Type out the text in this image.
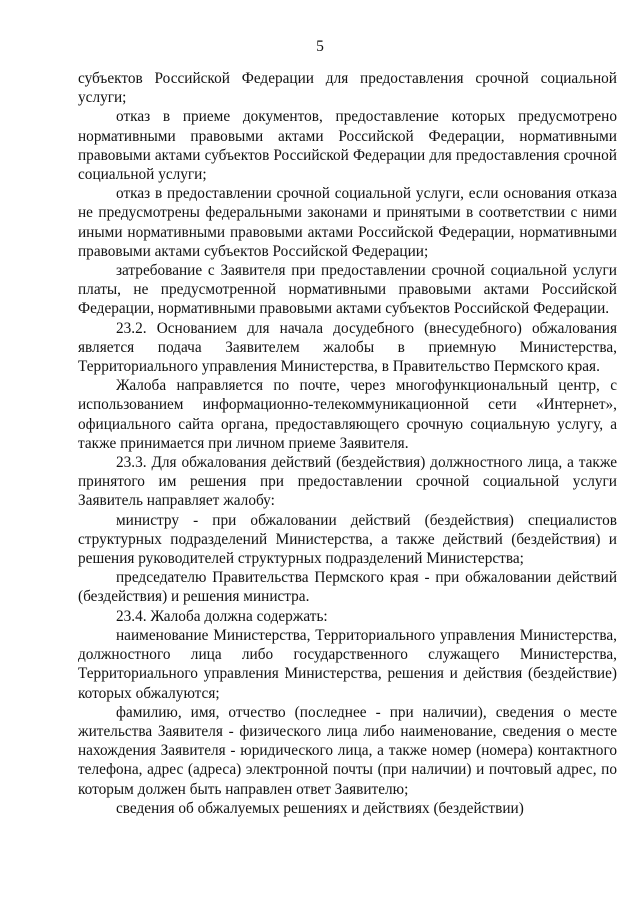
5

субъектов Российской Федерации для предоставления срочной социальной услуги;

отказ в приеме документов, предоставление которых предусмотрено нормативными правовыми актами Российской Федерации, нормативными правовыми актами субъектов Российской Федерации для предоставления срочной социальной услуги;

отказ в предоставлении срочной социальной услуги, если основания отказа не предусмотрены федеральными законами и принятыми в соответствии с ними иными нормативными правовыми актами Российской Федерации, нормативными правовыми актами субъектов Российской Федерации;

затребование с Заявителя при предоставлении срочной социальной услуги платы, не предусмотренной нормативными правовыми актами Российской Федерации, нормативными правовыми актами субъектов Российской Федерации.

23.2. Основанием для начала досудебного (внесудебного) обжалования является подача Заявителем жалобы в приемную Министерства, Территориального управления Министерства, в Правительство Пермского края.

Жалоба направляется по почте, через многофункциональный центр, с использованием информационно-телекоммуникационной сети «Интернет», официального сайта органа, предоставляющего срочную социальную услугу, а также принимается при личном приеме Заявителя.

23.3. Для обжалования действий (бездействия) должностного лица, а также принятого им решения при предоставлении срочной социальной услуги Заявитель направляет жалобу:

министру - при обжаловании действий (бездействия) специалистов структурных подразделений Министерства, а также действий (бездействия) и решения руководителей структурных подразделений Министерства;

председателю Правительства Пермского края - при обжаловании действий (бездействия) и решения министра.

23.4. Жалоба должна содержать:

наименование Министерства, Территориального управления Министерства, должностного лица либо государственного служащего Министерства, Территориального управления Министерства, решения и действия (бездействие) которых обжалуются;

фамилию, имя, отчество (последнее - при наличии), сведения о месте жительства Заявителя - физического лица либо наименование, сведения о месте нахождения Заявителя - юридического лица, а также номер (номера) контактного телефона, адрес (адреса) электронной почты (при наличии) и почтовый адрес, по которым должен быть направлен ответ Заявителю;

сведения об обжалуемых решениях и действиях (бездействии)
